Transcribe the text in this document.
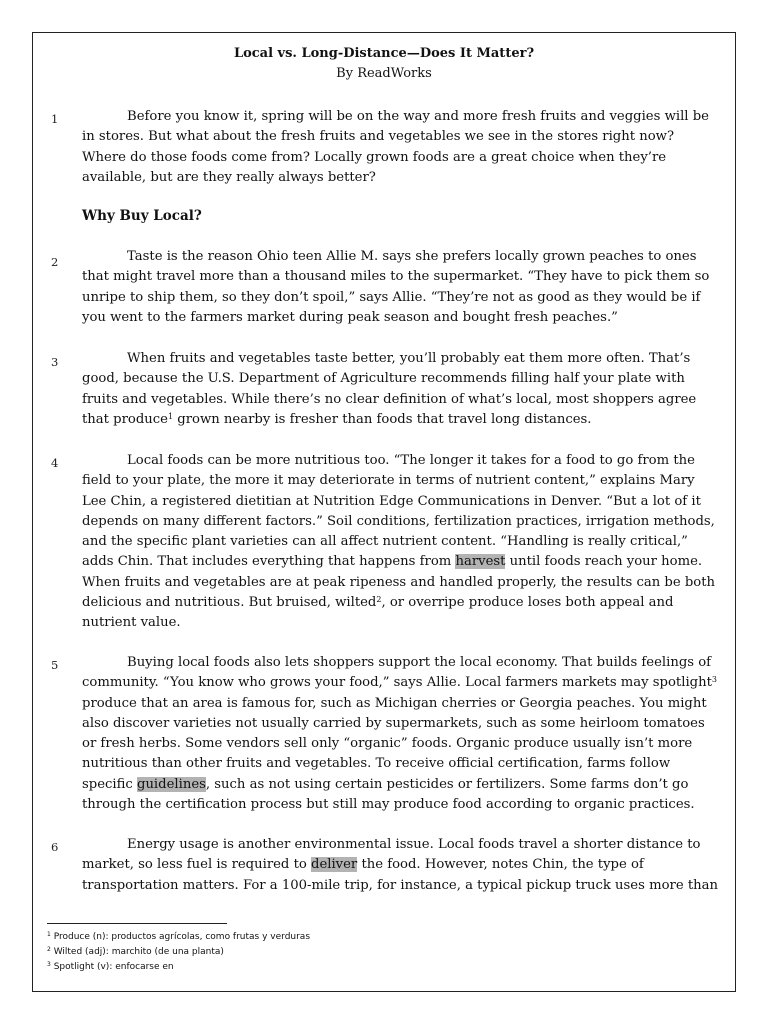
Local vs. Long-Distance—Does It Matter?
By ReadWorks
1	Before you know it, spring will be on the way and more fresh fruits and veggies will be in stores. But what about the fresh fruits and vegetables we see in the stores right now? Where do those foods come from? Locally grown foods are a great choice when they’re available, but are they really always better?

Why Buy Local?
2	Taste is the reason Ohio teen Allie M. says she prefers locally grown peaches to ones that might travel more than a thousand miles to the supermarket. “They have to pick them so unripe to ship them, so they don’t spoil,” says Allie. “They’re not as good as they would be if you went to the farmers market during peak season and bought fresh peaches.”

3	When fruits and vegetables taste better, you’ll probably eat them more often. That’s good, because the U.S. Department of Agriculture recommends filling half your plate with fruits and vegetables. While there’s no clear definition of what’s local, most shoppers agree that produce$^1$ grown nearby is fresher than foods that travel long distances.

4	Local foods can be more nutritious too. “The longer it takes for a food to go from the field to your plate, the more it may deteriorate in terms of nutrient content,” explains Mary Lee Chin, a registered dietitian at Nutrition Edge Communications in Denver. “But a lot of it depends on many different factors.” Soil conditions, fertilization practices, irrigation methods, and the specific plant varieties can all affect nutrient content. “Handling is really critical,” adds Chin. That includes everything that happens from harvest until foods reach your home. When fruits and vegetables are at peak ripeness and handled properly, the results can be both delicious and nutritious. But bruised, wilted$^2$, or overripe produce loses both appeal and nutrient value.

5	Buying local foods also lets shoppers support the local economy. That builds feelings of community. “You know who grows your food,” says Allie. Local farmers markets may spotlight$^3$ produce that an area is famous for, such as Michigan cherries or Georgia peaches. You might also discover varieties not usually carried by supermarkets, such as some heirloom tomatoes or fresh herbs. Some vendors sell only “organic” foods. Organic produce usually isn’t more nutritious than other fruits and vegetables. To receive official certification, farms follow specific guidelines, such as not using certain pesticides or fertilizers. Some farms don’t go through the certification process but still may produce food according to organic practices.

6	Energy usage is another environmental issue. Local foods travel a shorter distance to market, so less fuel is required to deliver the food. However, notes Chin, the type of transportation matters. For a 100-mile trip, for instance, a typical pickup truck uses more than

$^1$ Produce (n): productos agrícolas, como frutas y verduras
$^2$ Wilted (adj): marchito (de una planta)
$^3$ Spotlight (v): enfocarse en
